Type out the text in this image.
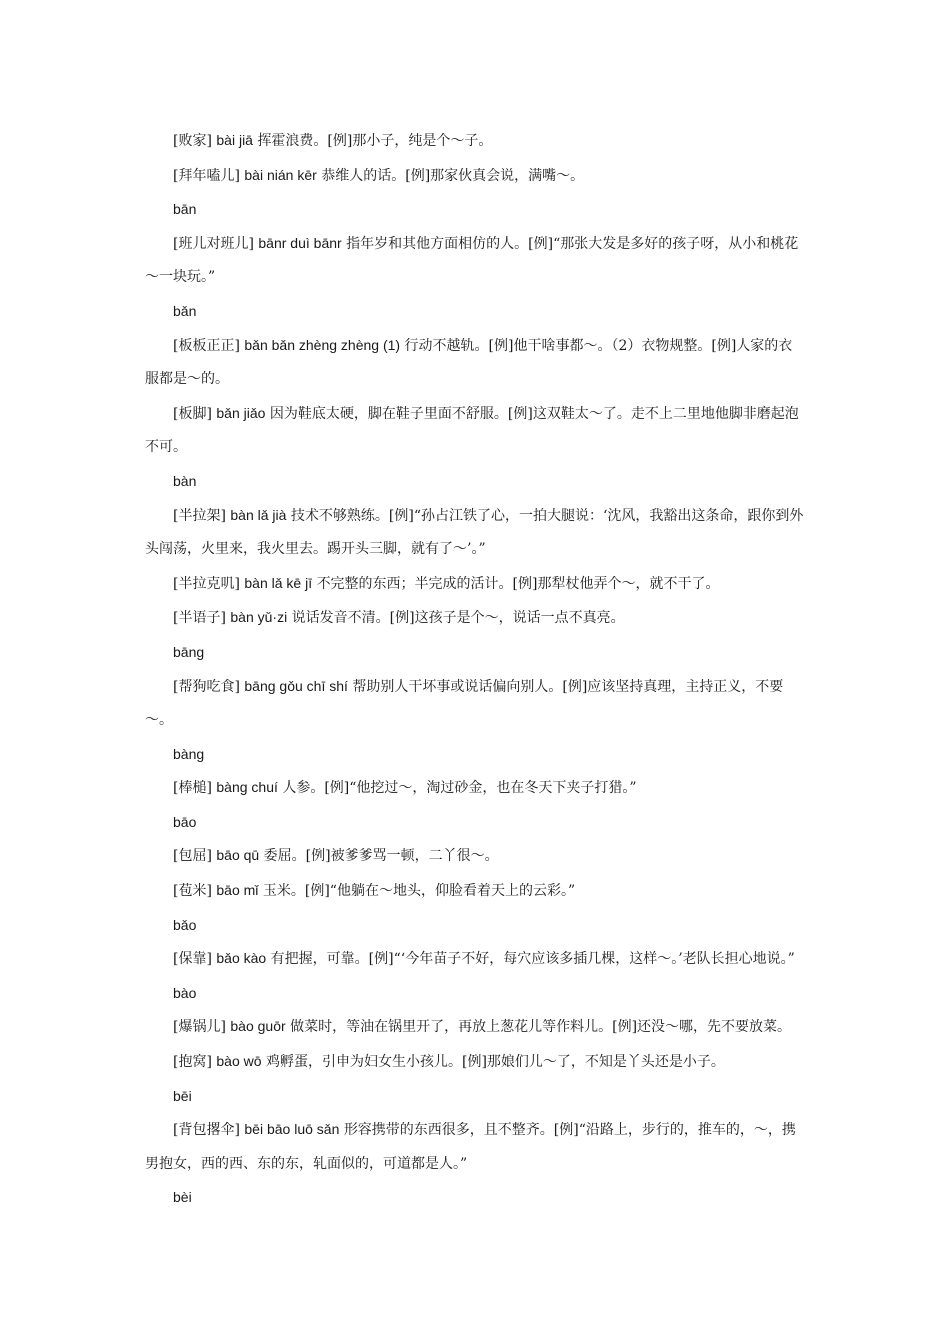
[败家] bài jiā 挥霍浪费。[例]那小子，纯是个～子。

[拜年嗑儿] bài nián kēr 恭维人的话。[例]那家伙真会说，满嘴～。

bān

[班儿对班儿] bānr duì bānr 指年岁和其他方面相仿的人。[例]“那张大发是多好的孩子呀，从小和桃花～一块玩。”

bǎn

[板板正正] bǎn bǎn zhèng zhèng (1) 行动不越轨。[例]他干啥事都～。（2）衣物规整。[例]人家的衣服都是～的。

[板脚] bǎn jiǎo 因为鞋底太硬，脚在鞋子里面不舒服。[例]这双鞋太～了。走不上二里地他脚非磨起泡不可。

bàn

[半拉架] bàn lǎ jià 技术不够熟练。[例]“孙占江铁了心，一拍大腿说：‘沈风，我豁出这条命，跟你到外头闯荡，火里来，我火里去。踢开头三脚，就有了～’。”

[半拉克叽] bàn lǎ kē jī 不完整的东西；半完成的活计。[例]那犁杖他弄个～，就不干了。

[半语子] bàn yǔ·zi 说话发音不清。[例]这孩子是个～，说话一点不真亮。

bāng

[帮狗吃食] bāng gǒu chī shí 帮助别人干坏事或说话偏向别人。[例]应该坚持真理，主持正义，不要～。

bàng

[棒槌] bàng chuí 人参。[例]“他挖过～，淘过砂金，也在冬天下夹子打猎。”

bāo

[包屈] bāo qū 委屈。[例]被爹爹骂一顿，二丫很～。

[苞米] bāo mǐ 玉米。[例]“他躺在～地头，仰脸看着天上的云彩。”

bǎo

[保靠] bǎo kào 有把握，可靠。[例]“‘今年苗子不好，每穴应该多插几棵，这样～。’老队长担心地说。”

bào

[爆锅儿] bào guōr 做菜时，等油在锅里开了，再放上葱花儿等作料儿。[例]还没～哪，先不要放菜。

[抱窝] bào wō 鸡孵蛋，引申为妇女生小孩儿。[例]那娘们儿～了，不知是丫头还是小子。

bēi

[背包撂伞] bēi bāo luō sǎn 形容携带的东西很多，且不整齐。[例]“沿路上，步行的，推车的，～，携男抱女，西的西、东的东，轧面似的，可道都是人。”

bèi
